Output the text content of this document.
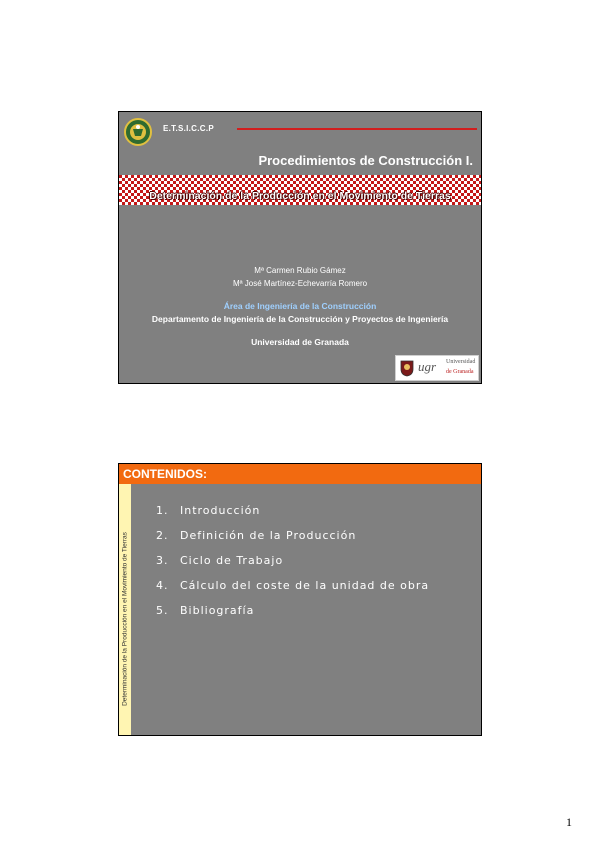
E.T.S.I.C.C.P
Procedimientos de Construcción I.
Determinación de la Producción en el Movimiento de Tierras
Mª Carmen Rubio Gámez
Mª José Martínez-Echevarría Romero
Área de Ingeniería de la Construcción
Departamento de Ingeniería de la Construcción y Proyectos de Ingeniería
Universidad de Granada
ugr Universidad
de Granada
CONTENIDOS:
Determinación de la Producción en el Movimiento de Tierras
1. Introducción
2. Definición de la Producción
3. Ciclo de Trabajo
4. Cálculo del coste de la unidad de obra
5. Bibliografía
1
